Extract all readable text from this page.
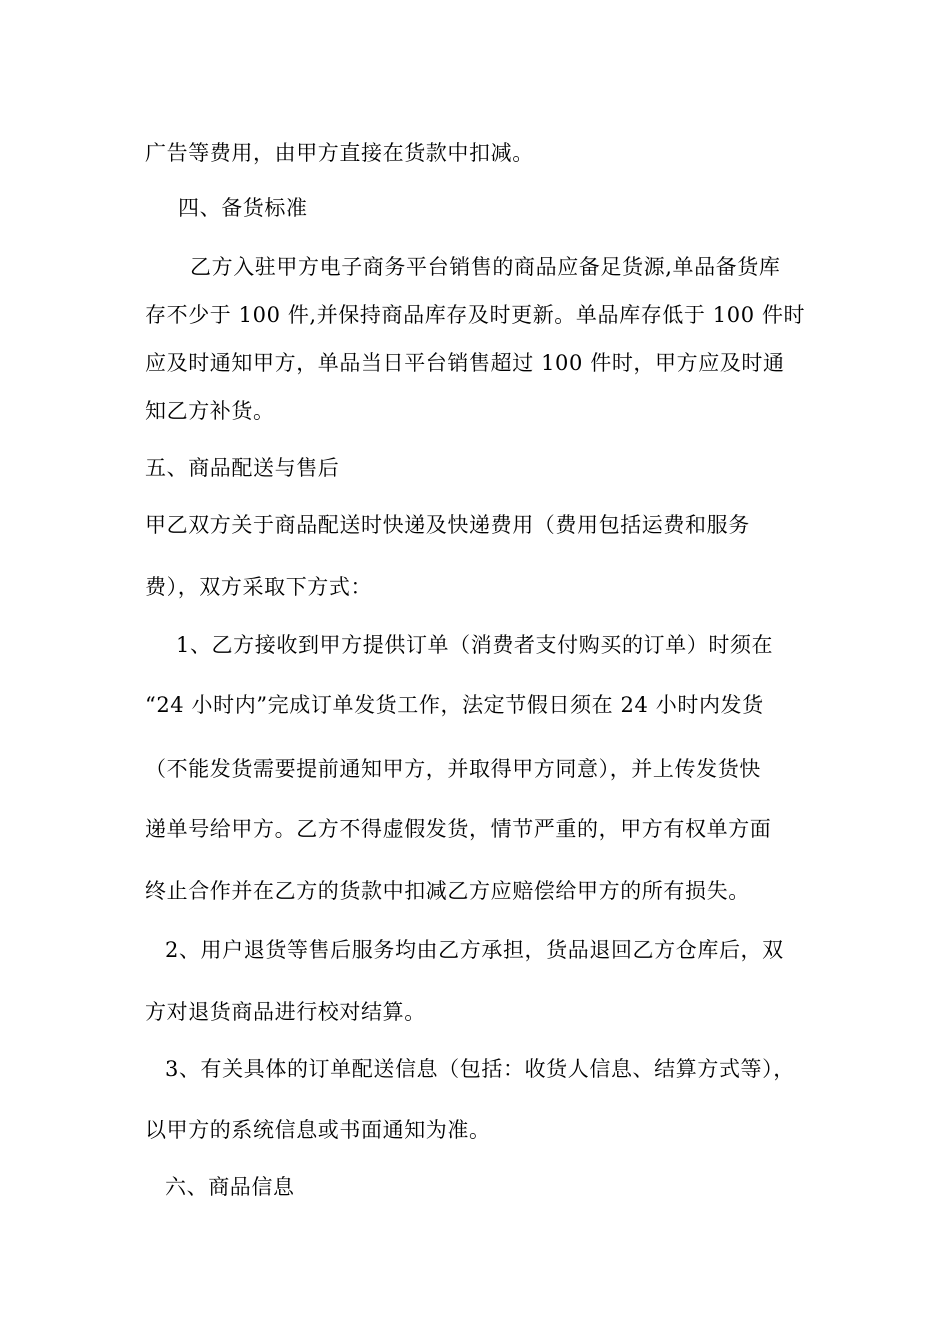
广告等费用，由甲方直接在货款中扣减。
四、备货标准
乙方入驻甲方电子商务平台销售的商品应备足货源,单品备货库
存不少于 100 件,并保持商品库存及时更新。单品库存低于 100 件时
应及时通知甲方，单品当日平台销售超过 100 件时，甲方应及时通
知乙方补货。
五、商品配送与售后
甲乙双方关于商品配送时快递及快递费用（费用包括运费和服务
费），双方采取下方式：
1、乙方接收到甲方提供订单（消费者支付购买的订单）时须在
“24 小时内”完成订单发货工作，法定节假日须在 24 小时内发货
（不能发货需要提前通知甲方，并取得甲方同意），并上传发货快
递单号给甲方。乙方不得虚假发货，情节严重的，甲方有权单方面
终止合作并在乙方的货款中扣减乙方应赔偿给甲方的所有损失。
2、用户退货等售后服务均由乙方承担，货品退回乙方仓库后，双
方对退货商品进行校对结算。
3、有关具体的订单配送信息（包括：收货人信息、结算方式等），
以甲方的系统信息或书面通知为准。
六、商品信息
